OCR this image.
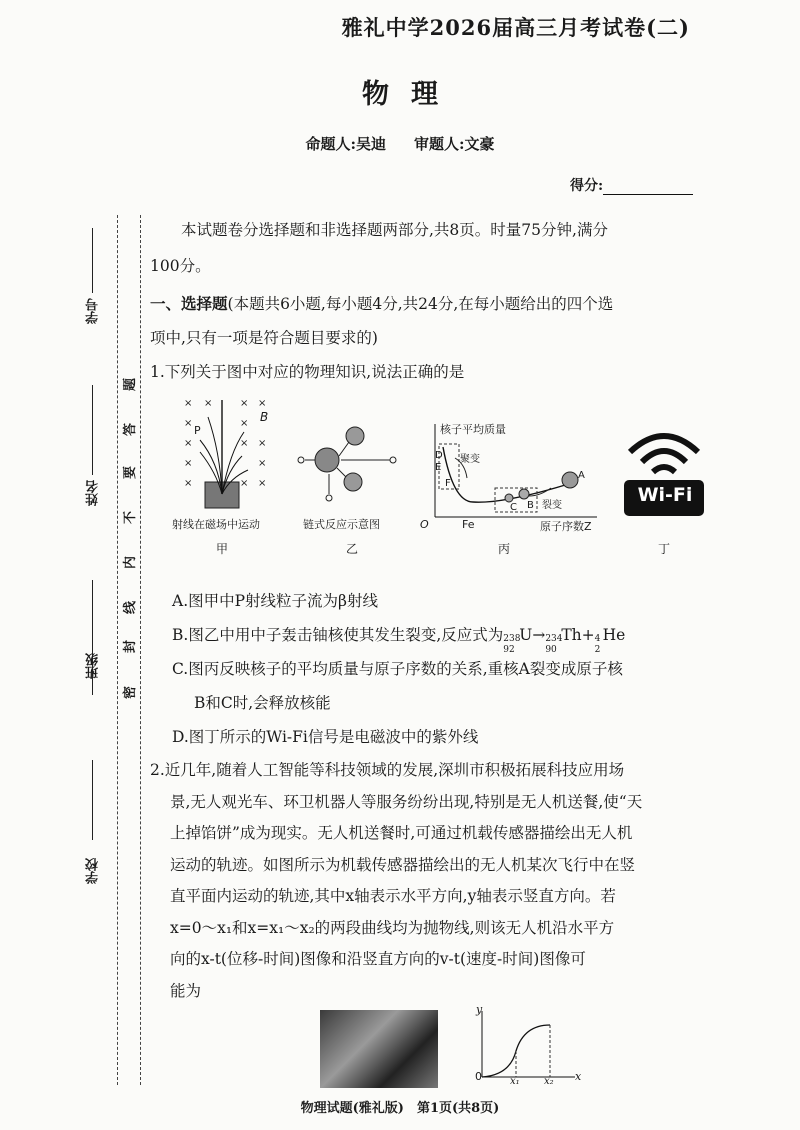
雅礼中学2026届高三月考试卷(二)
物理
命题人:吴迪 审题人:文豪
得分:
学号
姓名
班级
学校
密
封
线
内
不
要
答
题

本试题卷分选择题和非选择题两部分,共8页。时量75分钟,满分

100分。

一、选择题(本题共6小题,每小题4分,共24分,在每小题给出的四个选

项中,只有一项是符合题目要求的)

1.下列关于图中对应的物理知识,说法正确的是

A.图甲中P射线粒子流为β射线

B.图乙中用中子轰击铀核使其发生裂变,反应式为 238
92
U→ 234
90
Th+ 4
2
He

C.图丙反映核子的平均质量与原子序数的关系,重核A裂变成原子核

B和C时,会释放核能

D.图丁所示的Wi-Fi信号是电磁波中的紫外线

2.近几年,随着人工智能等科技领域的发展,深圳市积极拓展科技应用场
景,无人观光车、环卫机器人等服务纷纷出现,特别是无人机送餐,使“天
上掉馅饼”成为现实。无人机送餐时,可通过机载传感器描绘出无人机
运动的轨迹。如图所示为机载传感器描绘出的无人机某次飞行中在竖
直平面内运动的轨迹,其中x轴表示水平方向,y轴表示竖直方向。若
x=0～x₁和x=x₁～x₂的两段曲线均为抛物线,则该无人机沿水平方
向的x-t(位移-时间)图像和沿竖直方向的v-t(速度-时间)图像可
能为
× ×	× ×
×	×
×	×
×
×	×
×	×
×
P
B
射线在磁场中运动
甲
链式反应示意图
乙
核子平均质量
O	Fe	原子序数Z
聚变
裂变
A
B
C
D
E
F
丙
Wi-Fi
丁
y
x
0	x₁ x₂
物理试题(雅礼版)　第1页(共8页)
